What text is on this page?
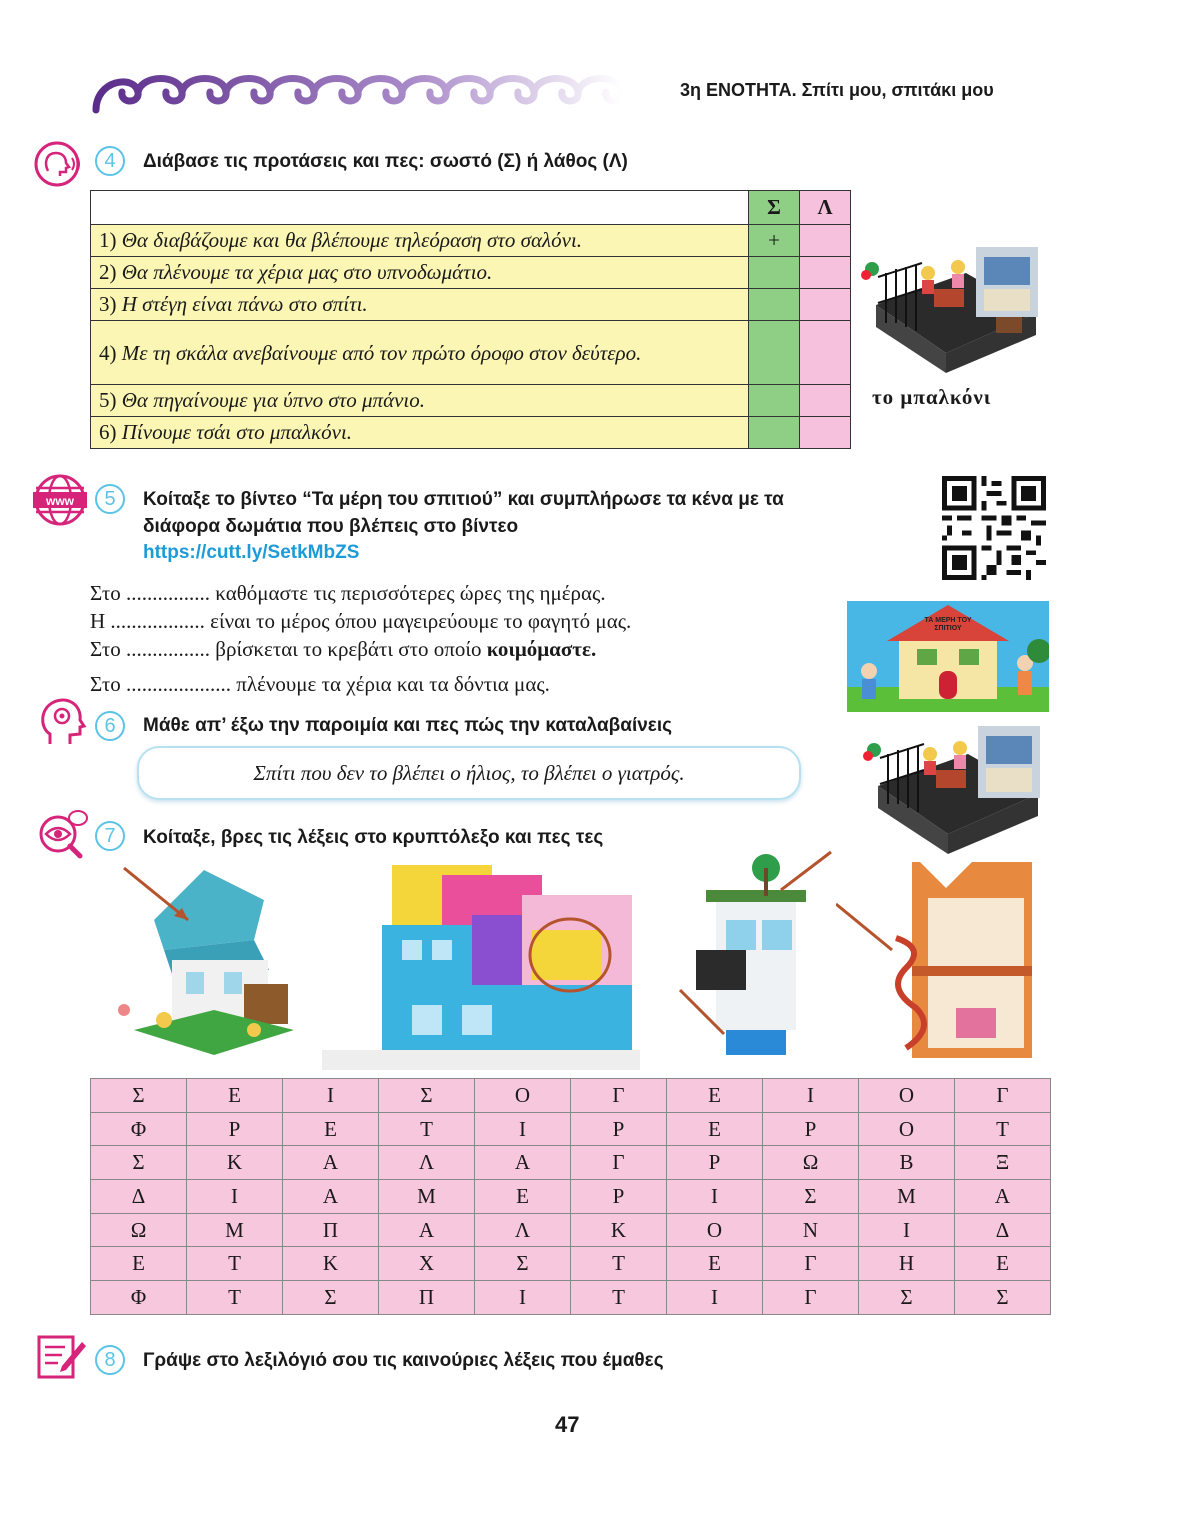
3η ΕΝΟΤΗΤΑ. Σπίτι μου, σπιτάκι μου
4	Διάβασε τις προτάσεις και πες: σωστό (Σ) ή λάθος (Λ)
	Σ	Λ
1) Θα διαβάζουμε και θα βλέπουμε τηλεόραση στο σαλόνι.	+	
2) Θα πλένουμε τα χέρια μας στο υπνοδωμάτιο.		
3) Η στέγη είναι πάνω στο σπίτι.		
4) Με τη σκάλα ανεβαίνουμε από τον πρώτο όροφο στον δεύτερο.		
5) Θα πηγαίνουμε για ύπνο στο μπάνιο.		
6) Πίνουμε τσάι στο μπαλκόνι.		
το μπαλκόνι
www	5	Κοίταξε το βίντεο “Τα μέρη του σπιτιού” και συμπλήρωσε τα κένα με τα
διάφορα δωμάτια που βλέπεις στο βίντεο
https://cutt.ly/SetkMbZS
Στο ................ καθόμαστε τις περισσότερες ώρες της ημέρας.
Η .................. είναι το μέρος όπου μαγειρεύουμε το φαγητό μας.
Στο ................ βρίσκεται το κρεβάτι στο οποίο κοιμόμαστε.
Στο .................... πλένουμε τα χέρια και τα δόντια μας.
ΤΑ ΜΕΡΗ ΤΟΥ ΣΠΙΤΙΟΥ
6	Μάθε απ’ έξω την παροιμία και πες πώς την καταλαβαίνεις
Σπίτι που δεν το βλέπει ο ήλιος, το βλέπει ο γιατρός.
7	Κοίταξε, βρες τις λέξεις στο κρυπτόλεξο και πες τες
Σ	Ε	Ι	Σ	Ο	Γ	Ε	Ι	Ο	Γ
Φ	Ρ	Ε	Τ	Ι	Ρ	Ε	Ρ	Ο	Τ
Σ	Κ	Α	Λ	Α	Γ	Ρ	Ω	Β	Ξ
Δ	Ι	Α	Μ	Ε	Ρ	Ι	Σ	Μ	Α
Ω	Μ	Π	Α	Λ	Κ	Ο	Ν	Ι	Δ
Ε	Τ	Κ	Χ	Σ	Τ	Ε	Γ	Η	Ε
Φ	Τ	Σ	Π	Ι	Τ	Ι	Γ	Σ	Σ
8	Γράψε στο λεξιλόγιό σου τις καινούριες λέξεις που έμαθες
47
